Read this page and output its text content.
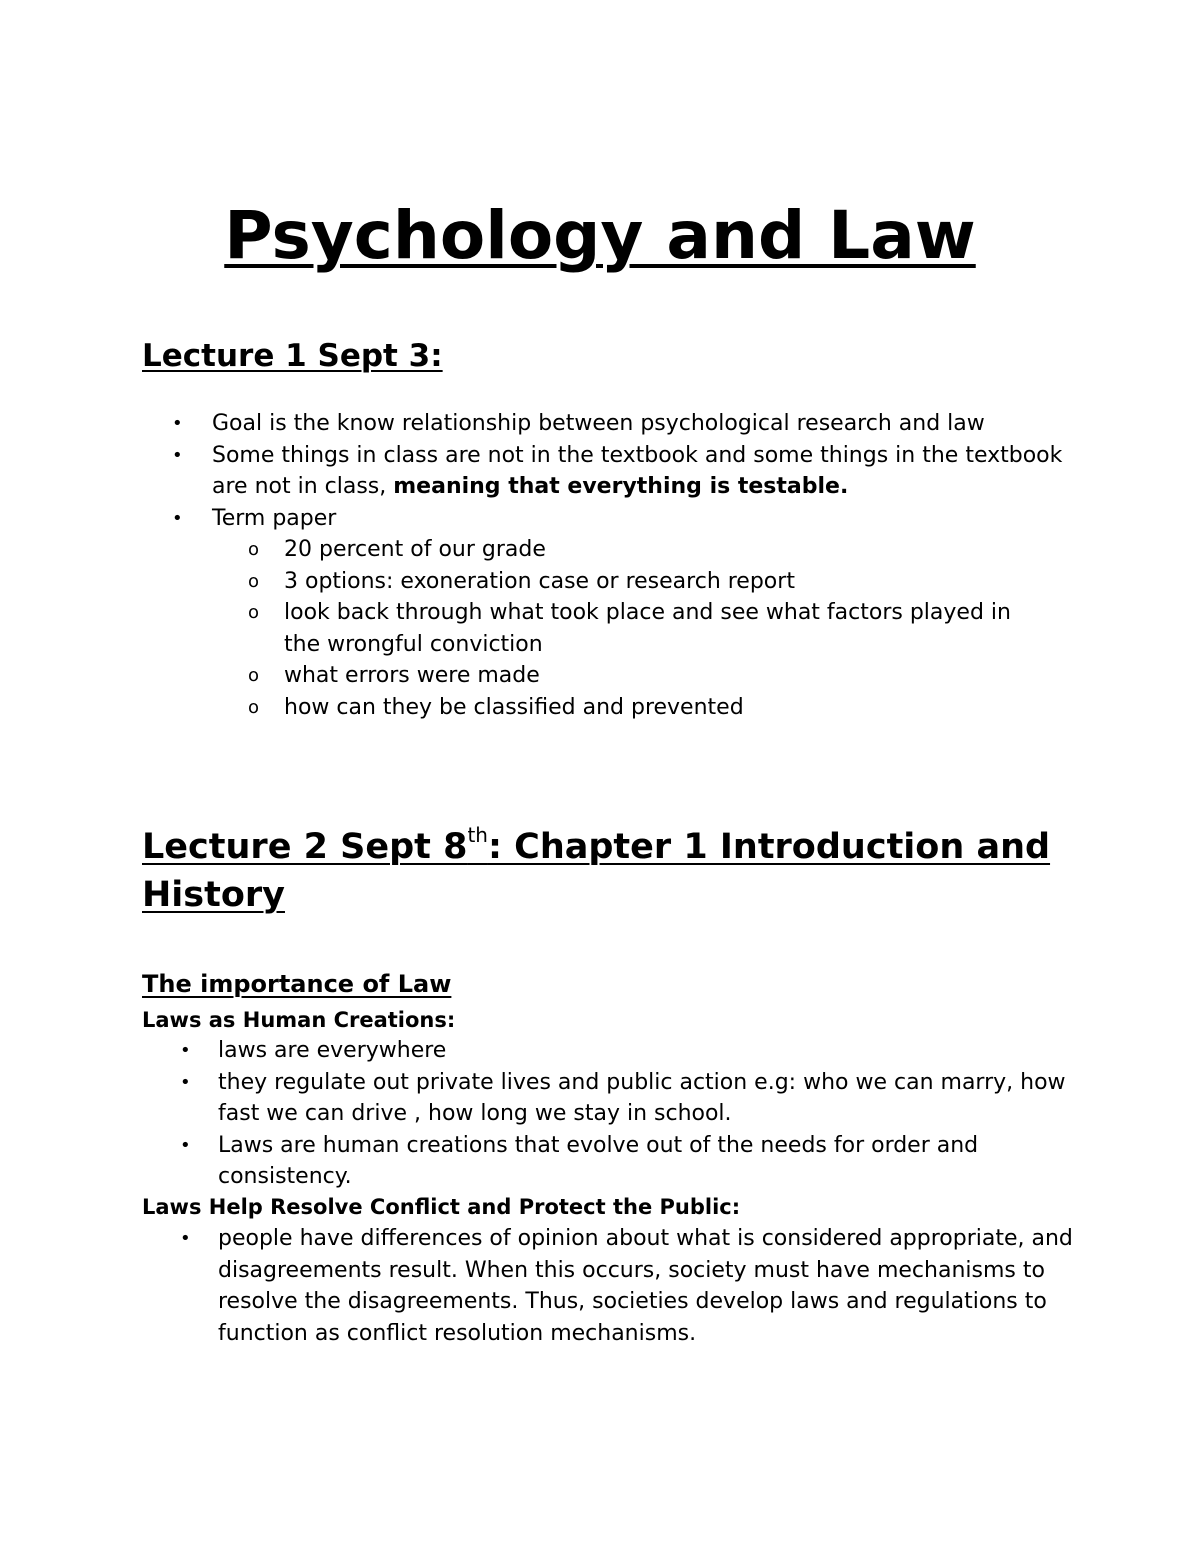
Psychology and Law
Lecture 1 Sept 3:
• Goal is the know relationship between psychological research and law
• Some things in class are not in the textbook and some things in the textbook are not in class, meaning that everything is testable.
• Term paper
o 20 percent of our grade
o 3 options: exoneration case or research report
o look back through what took place and see what factors played in the wrongful conviction
o what errors were made
o how can they be classified and prevented
Lecture 2 Sept 8th: Chapter 1 Introduction and History
The importance of Law
Laws as Human Creations:
• laws are everywhere
• they regulate out private lives and public action e.g: who we can marry, how fast we can drive , how long we stay in school.
• Laws are human creations that evolve out of the needs for order and consistency.
Laws Help Resolve Conflict and Protect the Public:
• people have differences of opinion about what is considered appropriate, and disagreements result. When this occurs, society must have mechanisms to resolve the disagreements. Thus, societies develop laws and regulations to function as conflict resolution mechanisms.
